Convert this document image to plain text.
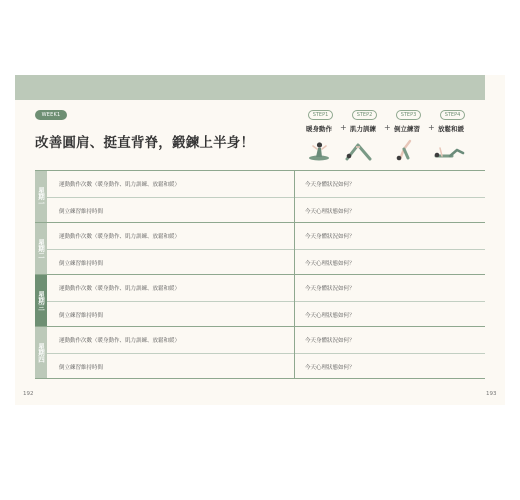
WEEK1
改善圓肩、挺直背脊，鍛鍊上半身！
STEP1	STEP2	STEP3	STEP4
暖身動作 + 肌力訓練 + 倒立練習 + 放鬆和緩
星期一
運動動作次數（暖身動作、肌力訓練、放鬆和緩）	今天身體狀況如何？
倒立練習維持時間	今天心理狀態如何？
星期二
運動動作次數（暖身動作、肌力訓練、放鬆和緩）	今天身體狀況如何？
倒立練習維持時間	今天心理狀態如何？
星期三
運動動作次數（暖身動作、肌力訓練、放鬆和緩）	今天身體狀況如何？
倒立練習維持時間	今天心理狀態如何？
星期四
運動動作次數（暖身動作、肌力訓練、放鬆和緩）	今天身體狀況如何？
倒立練習維持時間	今天心理狀態如何？
192	193
